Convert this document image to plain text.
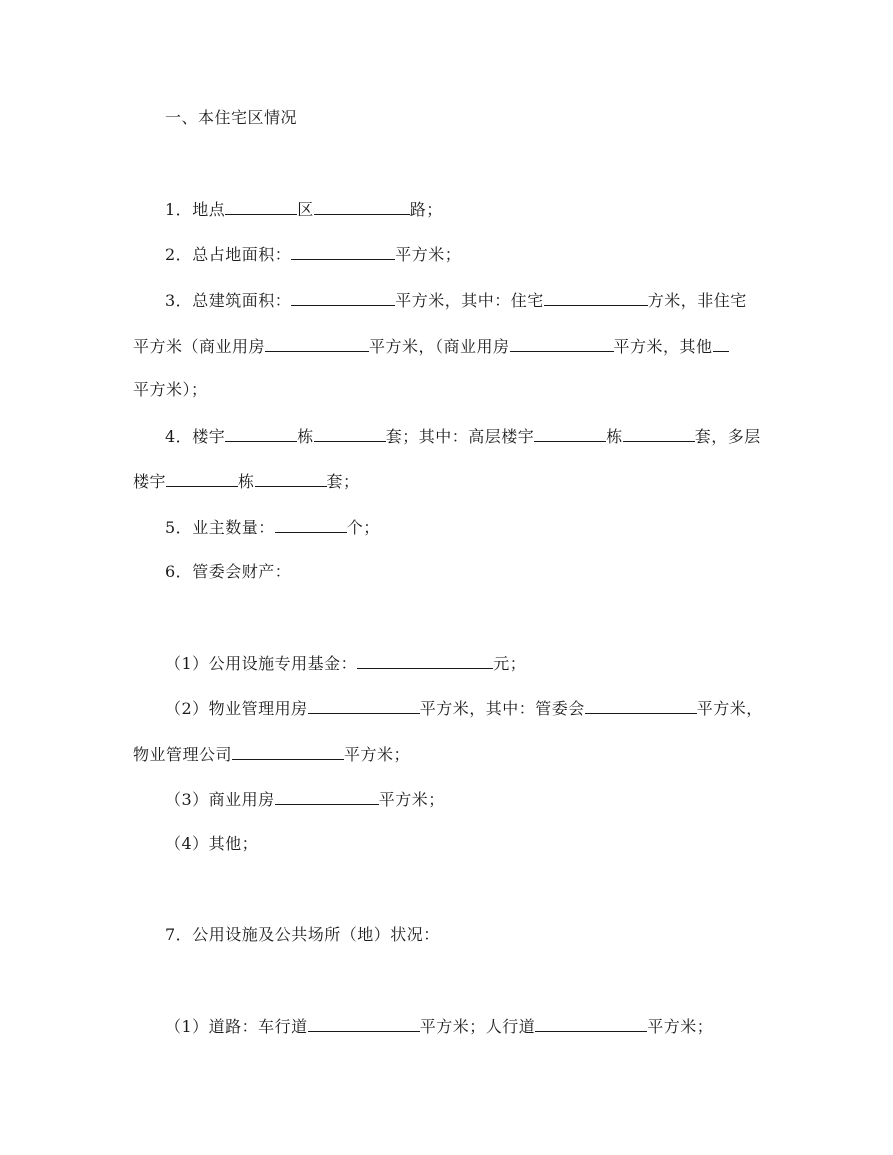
一、本住宅区情况
1．地点	区	路；
2．总占地面积：	平方米；
3．总建筑面积：	平方米，其中：住宅	方米，非住宅
平方米（商业用房	平方米，（商业用房	平方米，其他
平方米）；
4．楼宇	栋	套；其中：高层楼宇	栋	套，多层
楼宇	栋	套；
5．业主数量：	个；
6．管委会财产：
（1）公用设施专用基金：	元；
（2）物业管理用房	平方米，其中：管委会	平方米，
物业管理公司	平方米；
（3）商业用房	平方米；
（4）其他；
7．公用设施及公共场所（地）状况：
（1）道路：车行道	平方米；人行道	平方米；
